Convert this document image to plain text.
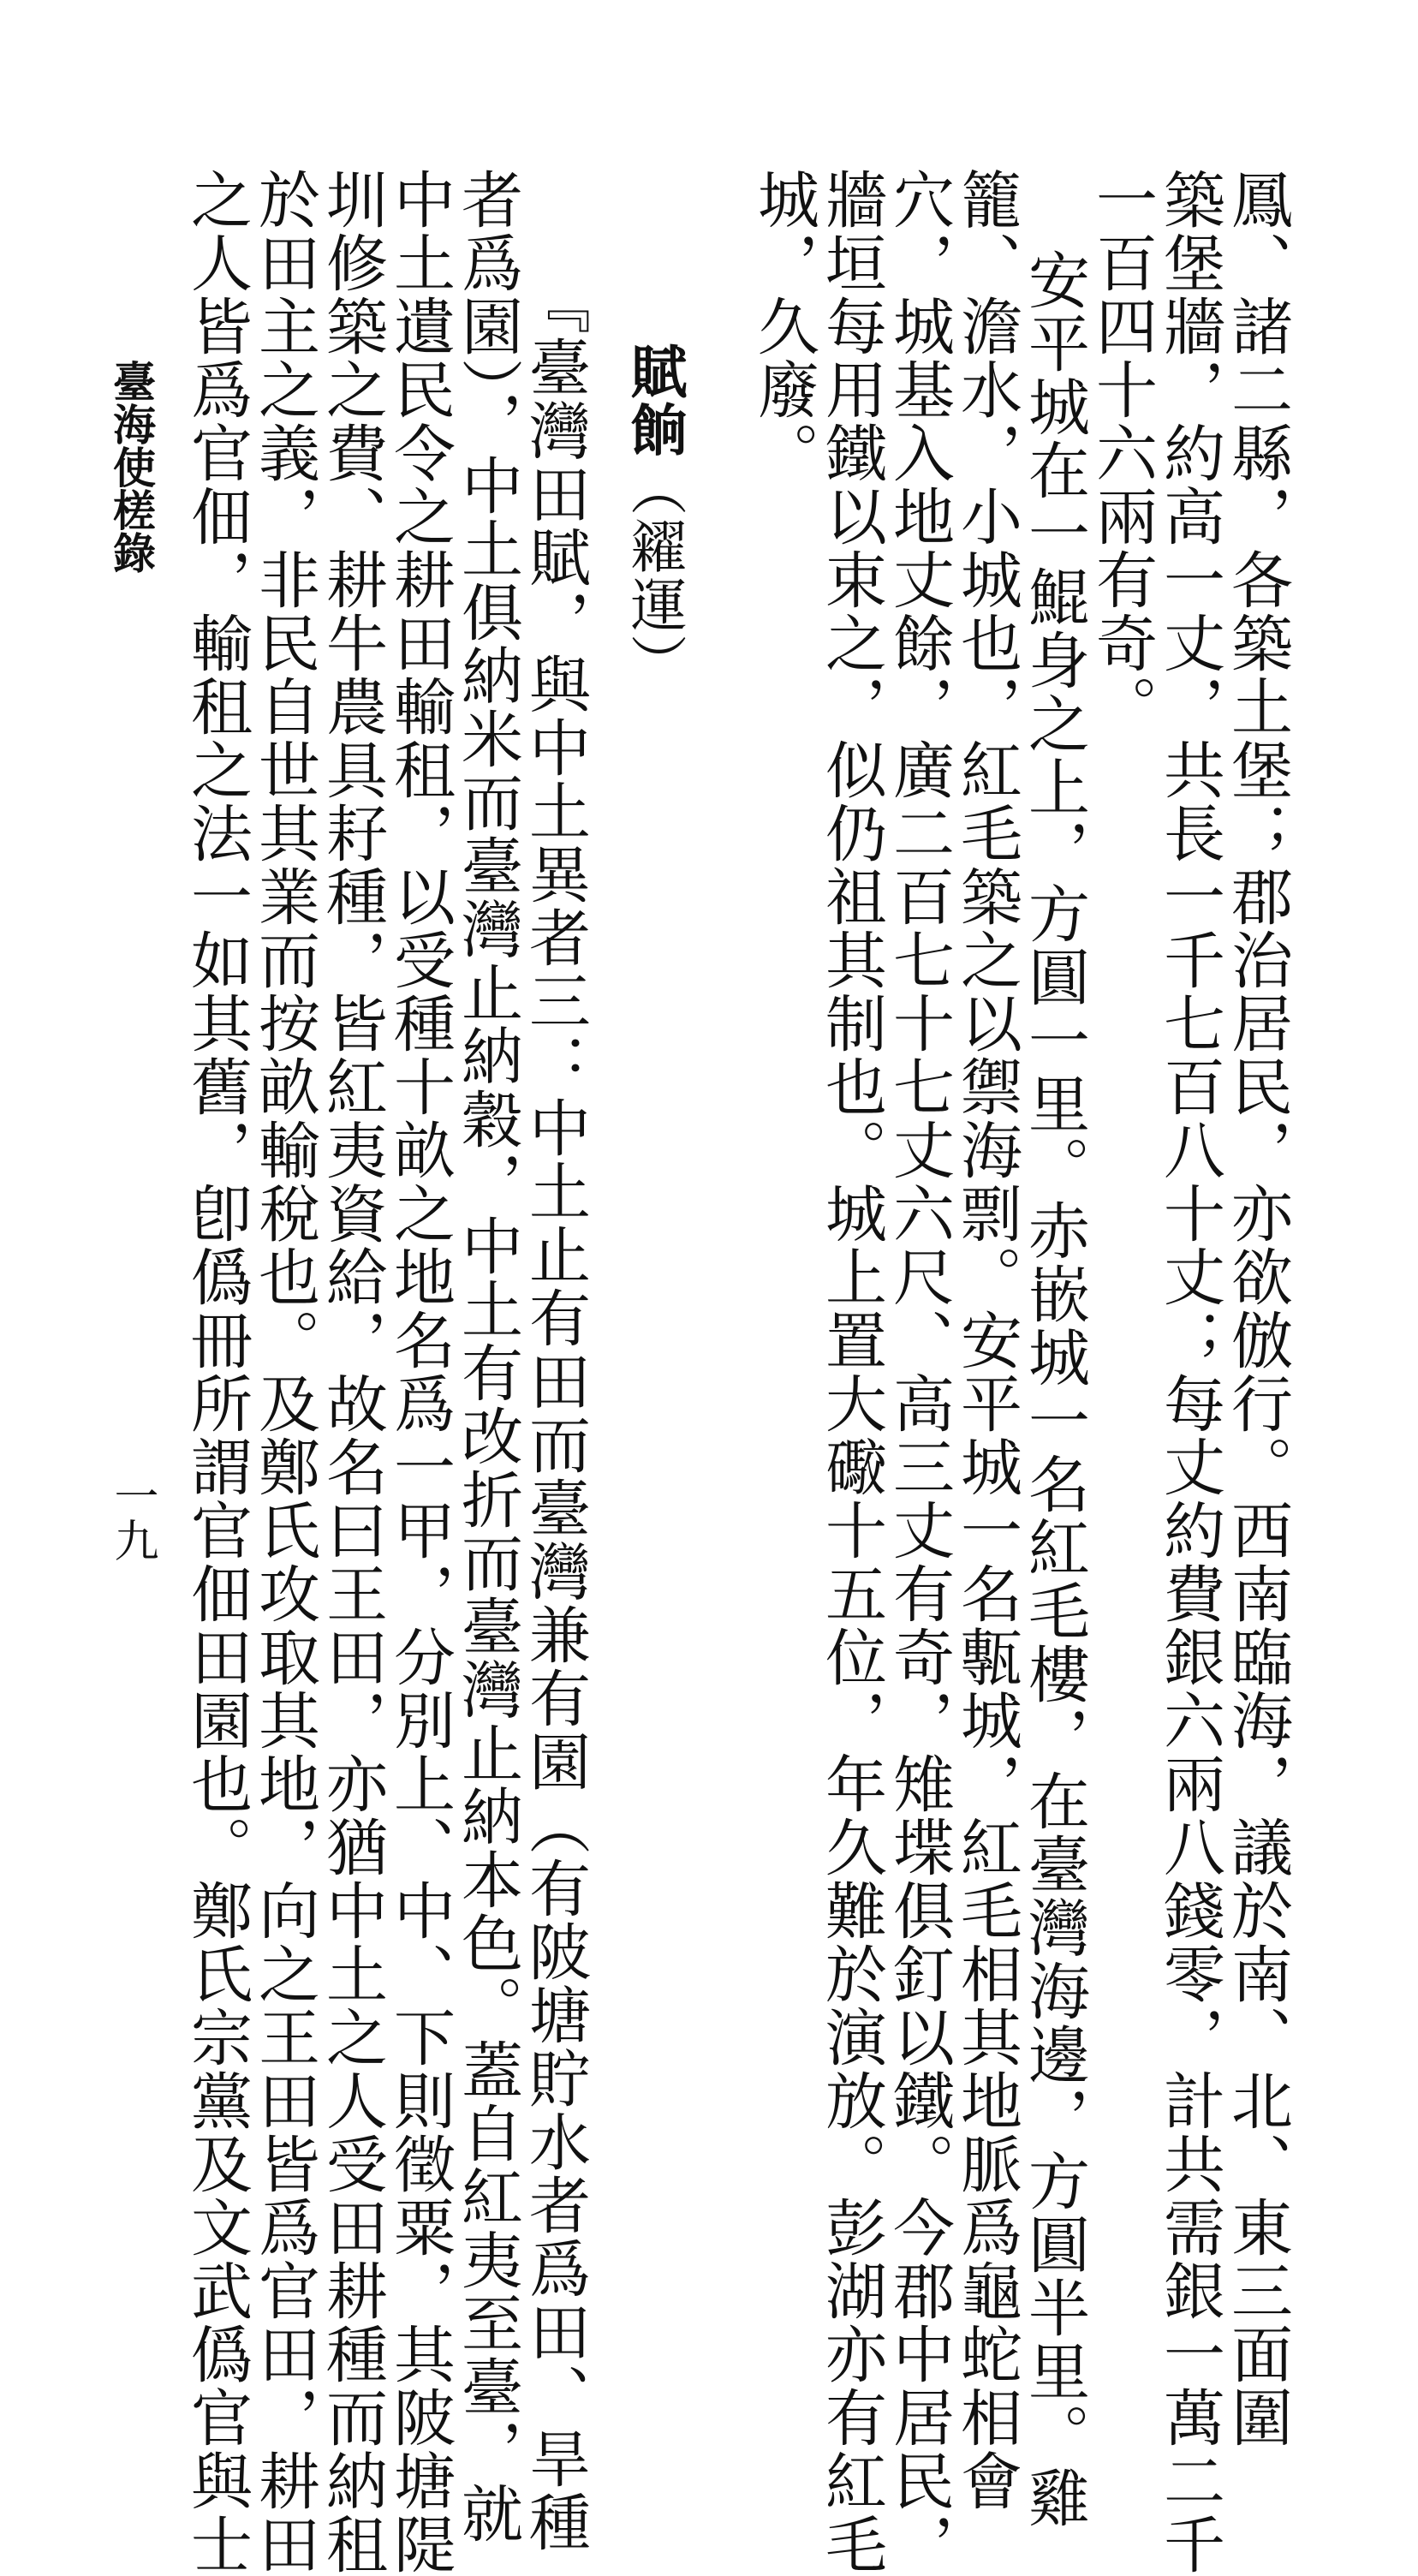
鳳、諸二縣，各築土堡；郡治居民，亦欲倣行。西南臨海，議於南、北、東三面圍

築堡牆，約高一丈，共長一千七百八十丈；每丈約費銀六兩八錢零，計共需銀一萬二千

一百四十六兩有奇。

安平城在一鯤身之上，方圓一里。赤嵌城一名紅毛樓，在臺灣海邊，方圓半里。雞

籠、澹水，小城也，紅毛築之以禦海剽。安平城一名甎城，紅毛相其地脈爲龜蛇相會

穴，城基入地丈餘，廣二百七十七丈六尺、高三丈有奇，雉堞俱釘以鐵。今郡中居民，

牆垣每用鐵以束之，似仍祖其制也。城上置大礮十五位，年久難於演放。彭湖亦有紅毛

城，久廢。

賦餉（糴運）

『臺灣田賦，與中土異者三：中土止有田而臺灣兼有園（有陂塘貯水者爲田、旱種

者爲園），中土俱納米而臺灣止納穀，中土有改折而臺灣止納本色。蓋自紅夷至臺，就

中土遺民令之耕田輸租，以受種十畝之地名爲一甲，分別上、中、下則徵粟，其陂塘隄

圳修築之費、耕牛農具耔種，皆紅夷資給，故名曰王田，亦猶中土之人受田耕種而納租

於田主之義，非民自世其業而按畝輸稅也。及鄭氏攻取其地，向之王田皆爲官田，耕田

之人皆爲官佃，輸租之法一如其舊，卽僞冊所謂官佃田園也。鄭氏宗黨及文武僞官與士

臺海使槎錄

一九
